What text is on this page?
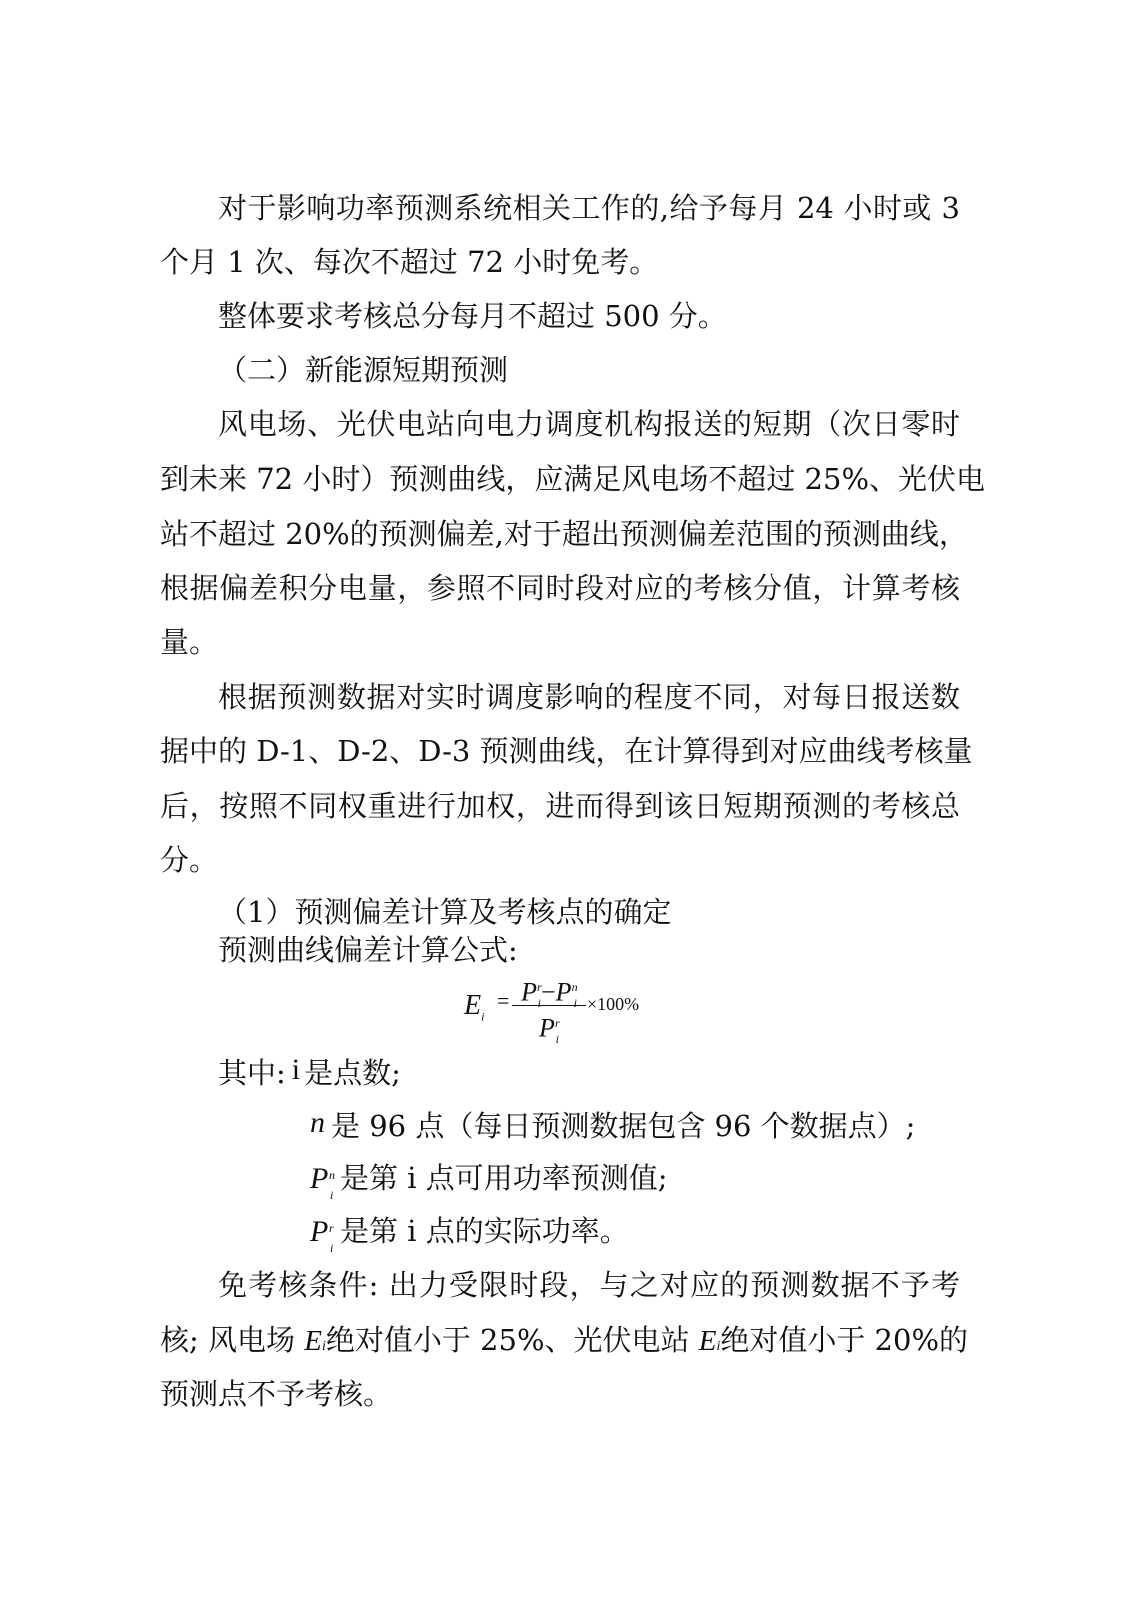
对于影响功率预测系统相关工作的,给予每月 24 小时或 3
个月 1 次、每次不超过 72 小时免考。
整体要求考核总分每月不超过 500 分。
（二）新能源短期预测
风电场、光伏电站向电力调度机构报送的短期（次日零时
到未来 72 小时）预测曲线，应满足风电场不超过 25%、光伏电
站不超过 20%的预测偏差,对于超出预测偏差范围的预测曲线，
根据偏差积分电量，参照不同时段对应的考核分值，计算考核
量。
根据预测数据对实时调度影响的程度不同，对每日报送数
据中的 D-1、D-2、D-3 预测曲线，在计算得到对应曲线考核量
后，按照不同权重进行加权，进而得到该日短期预测的考核总
分。
（1）预测偏差计算及考核点的确定
预测曲线偏差计算公式:
$E_i$
= $P^r_i-P^n_i$
$P^r_i$
×100%
其中: i 是点数;
n 是 96 点（每日预测数据包含 96 个数据点）;
P n
i 是第 i 点可用功率预测值;
P r
i 是第 i 点的实际功率。
免考核条件: 出力受限时段，与之对应的预测数据不予考
核; 风电场 Ei绝对值小于 25%、光伏电站 Ei绝对值小于 20%的
预测点不予考核。
